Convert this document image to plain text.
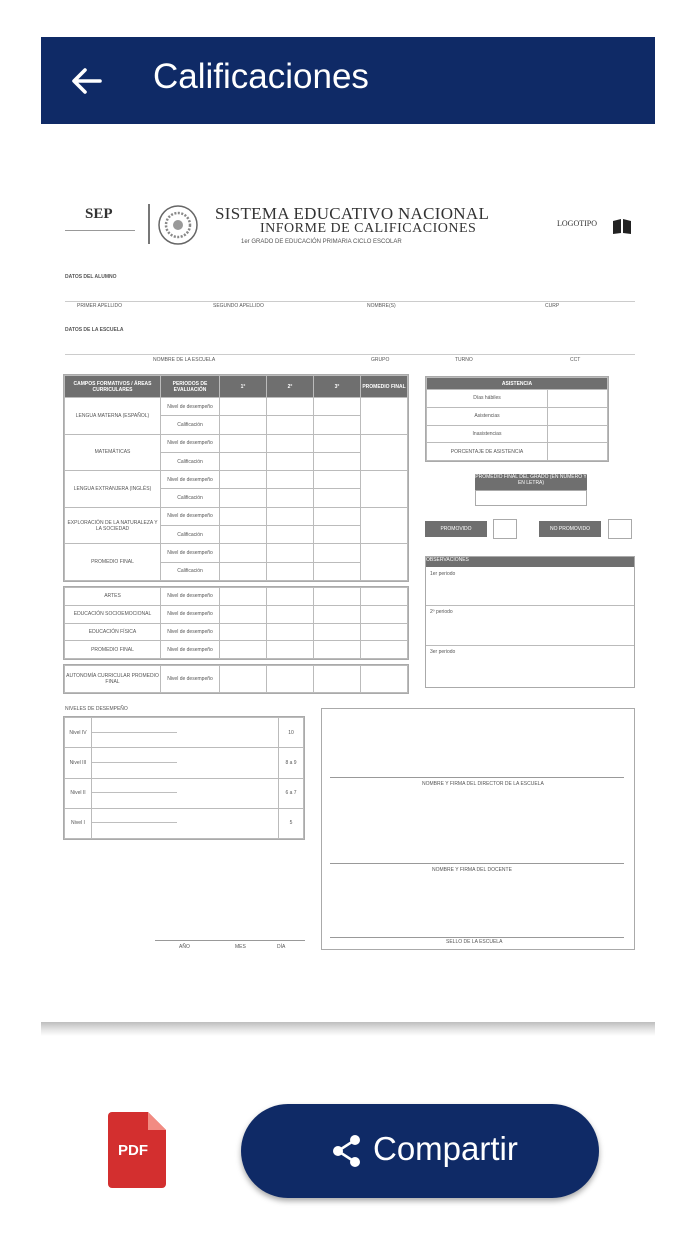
Calificaciones
SEP	SISTEMA EDUCATIVO NACIONAL
INFORME DE CALIFICACIONES
1er GRADO DE EDUCACIÓN PRIMARIA CICLO ESCOLAR
LOGOTIPO
DATOS DEL ALUMNO
PRIMER APELLIDO	SEGUNDO APELLIDO	NOMBRE(S)	CURP
DATOS DE LA ESCUELA
NOMBRE DE LA ESCUELA	GRUPO	TURNO	CCT
CAMPOS FORMATIVOS / ÁREAS CURRICULARES	PERIODOS DE EVALUACIÓN	1°	2°	3°	PROMEDIO FINAL
LENGUA MATERNA (ESPAÑOL)	Nivel de desempeño				
	Calificación				
MATEMÁTICAS	Nivel de desempeño				
	Calificación				
LENGUA EXTRANJERA (INGLÉS)	Nivel de desempeño				
	Calificación				
EXPLORACIÓN DE LA NATURALEZA Y LA SOCIEDAD	Nivel de desempeño				
	Calificación				
PROMEDIO FINAL	Nivel de desempeño				
	Calificación				
ARTES	Nivel de desempeño				
EDUCACIÓN SOCIOEMOCIONAL	Nivel de desempeño				
EDUCACIÓN FÍSICA	Nivel de desempeño				
PROMEDIO FINAL	Nivel de desempeño				
AUTONOMÍA CURRICULAR PROMEDIO FINAL	Nivel de desempeño				
ASISTENCIA	
Días hábiles	
Asistencias	
Inasistencias	
PORCENTAJE DE ASISTENCIA	
PROMEDIO FINAL DEL GRADO (EN NÚMERO Y EN LETRA)
PROMOVIDO	NO PROMOVIDO
OBSERVACIONES
1er periodo
2º periodo
3er periodo
NIVELES DE DESEMPEÑO
Nivel IV	—————————————————	10
Nivel III	—————————————————	8 a 9
Nivel II	—————————————————	6 a 7
Nivel I	—————————————————	5
NOMBRE Y FIRMA DEL DIRECTOR DE LA ESCUELA
NOMBRE Y FIRMA DEL DOCENTE
SELLO DE LA ESCUELA
AÑO	MES	DÍA
PDF	Compartir
